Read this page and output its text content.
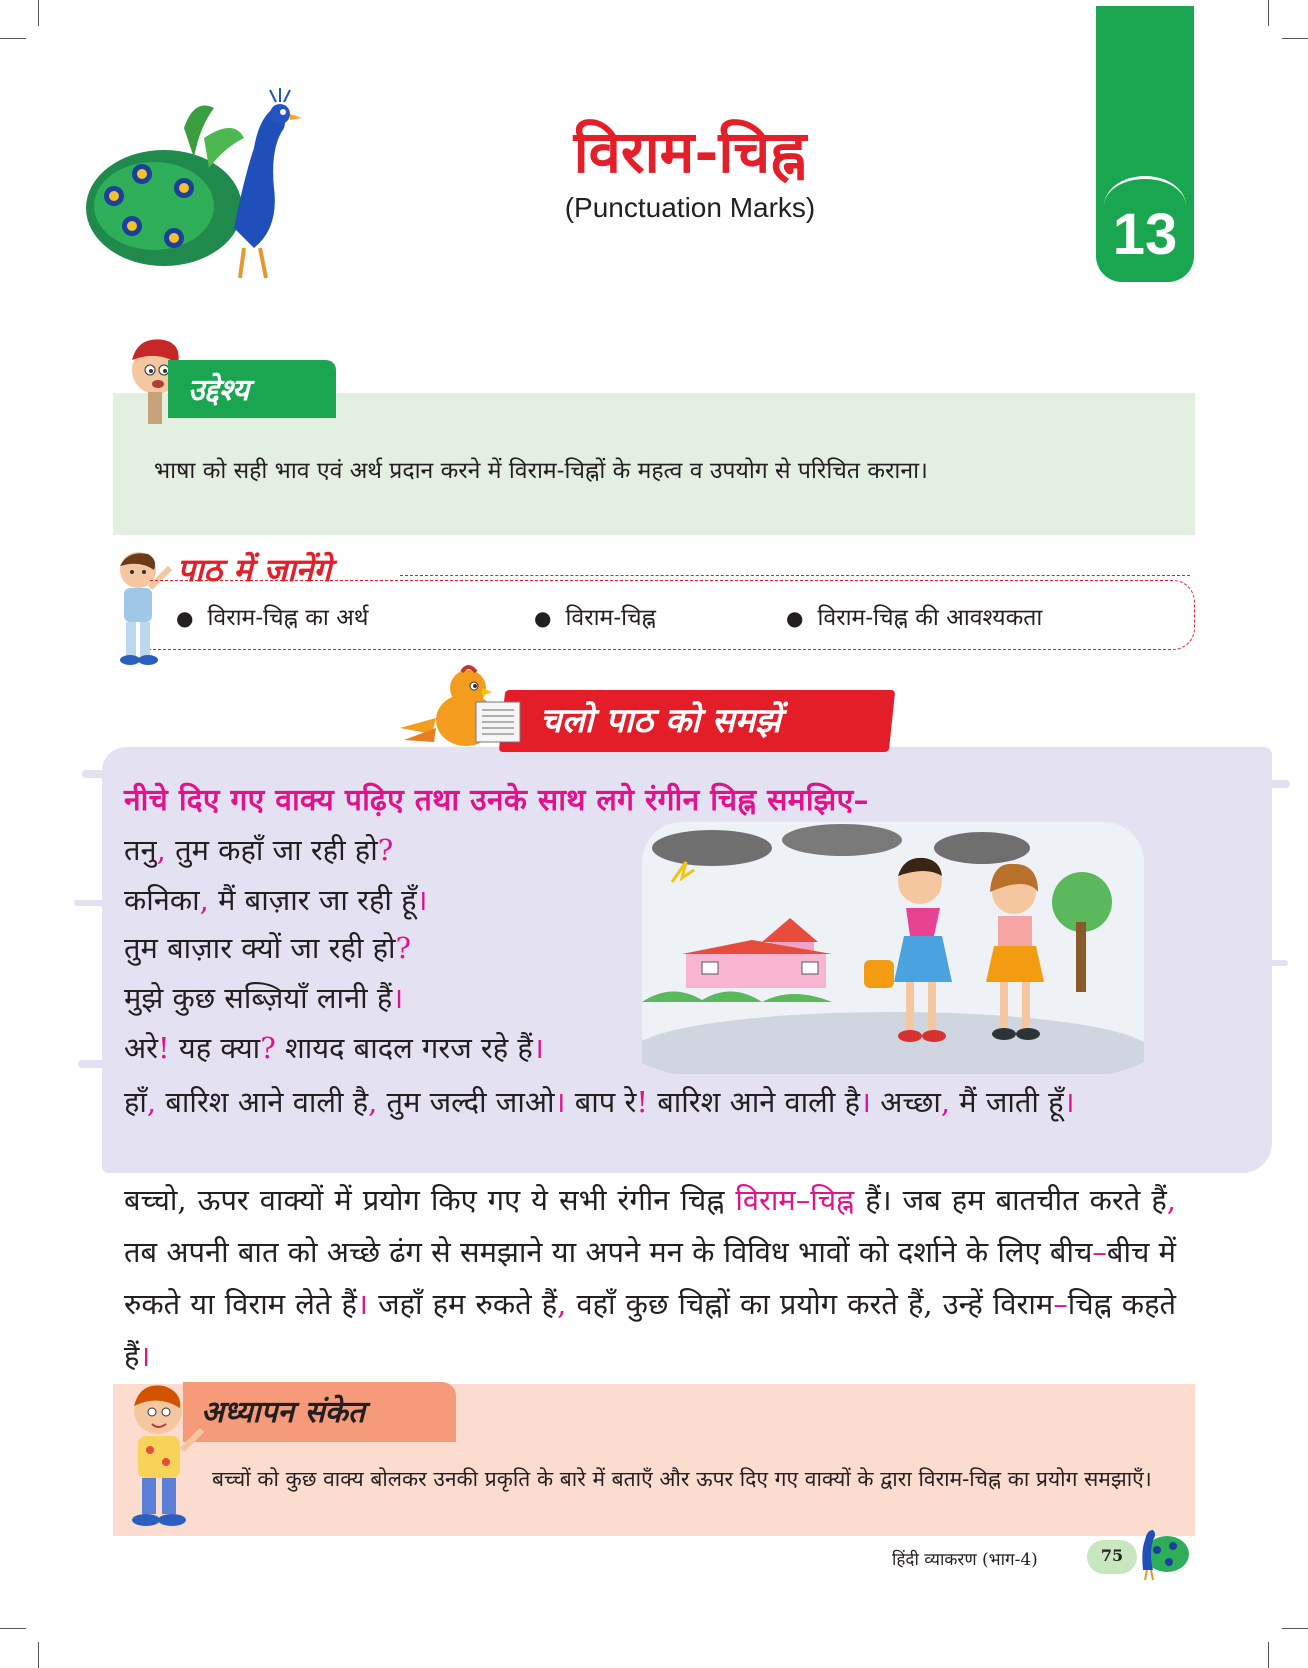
विराम-चिह्न
(Punctuation Marks)	13
उद्देश्य
भाषा को सही भाव एवं अर्थ प्रदान करने में विराम-चिह्नों के महत्व व उपयोग से परिचित कराना।
पाठ में जानेंगे
● विराम-चिह्न का अर्थ	● विराम-चिह्न	● विराम-चिह्न की आवश्यकता
चलो पाठ को समझें
नीचे दिए गए वाक्य पढ़िए तथा उनके साथ लगे रंगीन चिह्न समझिए–
तनु, तुम कहाँ जा रही हो?
कनिका, मैं बाज़ार जा रही हूँ।
तुम बाज़ार क्यों जा रही हो?
मुझे कुछ सब्ज़ियाँ लानी हैं।
अरे! यह क्या? शायद बादल गरज रहे हैं।
हाँ, बारिश आने वाली है, तुम जल्दी जाओ। बाप रे! बारिश आने वाली है। अच्छा, मैं जाती हूँ।
बच्चो, ऊपर वाक्यों में प्रयोग किए गए ये सभी रंगीन चिह्न विराम–चिह्न हैं। जब हम बातचीत करते हैं, तब अपनी बात को अच्छे ढंग से समझाने या अपने मन के विविध भावों को दर्शाने के लिए बीच–बीच में रुकते या विराम लेते हैं। जहाँ हम रुकते हैं, वहाँ कुछ चिह्नों का प्रयोग करते हैं, उन्हें विराम–चिह्न कहते हैं।
अध्यापन संकेत
बच्चों को कुछ वाक्य बोलकर उनकी प्रकृति के बारे में बताएँ और ऊपर दिए गए वाक्यों के द्वारा विराम-चिह्न का प्रयोग समझाएँ।
हिंदी व्याकरण (भाग-4)	75
